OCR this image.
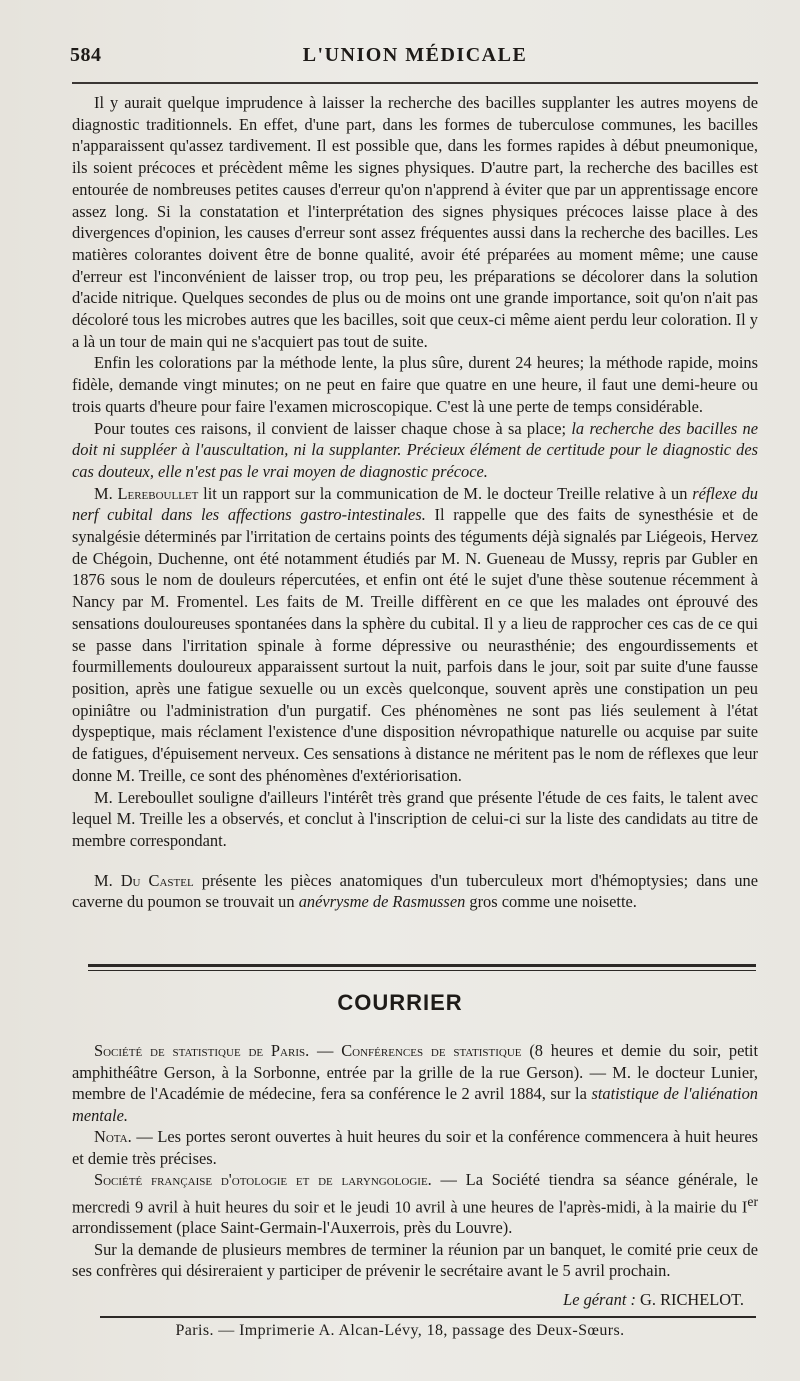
584	L'UNION MÉDICALE

Il y aurait quelque imprudence à laisser la recherche des bacilles supplanter les autres moyens de diagnostic traditionnels. En effet, d'une part, dans les formes de tuberculose communes, les bacilles n'apparaissent qu'assez tardivement. Il est possible que, dans les formes rapides à début pneumonique, ils soient précoces et précèdent même les signes physiques. D'autre part, la recherche des bacilles est entourée de nombreuses petites causes d'erreur qu'on n'apprend à éviter que par un apprentissage encore assez long. Si la constatation et l'interprétation des signes physiques précoces laisse place à des divergences d'opinion, les causes d'erreur sont assez fréquentes aussi dans la recherche des bacilles. Les matières colorantes doivent être de bonne qualité, avoir été préparées au moment même; une cause d'erreur est l'inconvénient de laisser trop, ou trop peu, les préparations se décolorer dans la solution d'acide nitrique. Quelques secondes de plus ou de moins ont une grande importance, soit qu'on n'ait pas décoloré tous les microbes autres que les bacilles, soit que ceux-ci même aient perdu leur coloration. Il y a là un tour de main qui ne s'acquiert pas tout de suite.

Enfin les colorations par la méthode lente, la plus sûre, durent 24 heures; la méthode rapide, moins fidèle, demande vingt minutes; on ne peut en faire que quatre en une heure, il faut une demi-heure ou trois quarts d'heure pour faire l'examen microscopique. C'est là une perte de temps considérable.

Pour toutes ces raisons, il convient de laisser chaque chose à sa place; la recherche des bacilles ne doit ni suppléer à l'auscultation, ni la supplanter. Précieux élément de certitude pour le diagnostic des cas douteux, elle n'est pas le vrai moyen de diagnostic précoce.

M. Lereboullet lit un rapport sur la communication de M. le docteur Treille relative à un réflexe du nerf cubital dans les affections gastro-intestinales. Il rappelle que des faits de synesthésie et de synalgésie déterminés par l'irritation de certains points des téguments déjà signalés par Liégeois, Hervez de Chégoin, Duchenne, ont été notamment étudiés par M. N. Gueneau de Mussy, repris par Gubler en 1876 sous le nom de douleurs répercutées, et enfin ont été le sujet d'une thèse soutenue récemment à Nancy par M. Fromentel. Les faits de M. Treille diffèrent en ce que les malades ont éprouvé des sensations douloureuses spontanées dans la sphère du cubital. Il y a lieu de rapprocher ces cas de ce qui se passe dans l'irritation spinale à forme dépressive ou neurasthénie; des engourdissements et fourmillements douloureux apparaissent surtout la nuit, parfois dans le jour, soit par suite d'une fausse position, après une fatigue sexuelle ou un excès quelconque, souvent après une constipation un peu opiniâtre ou l'administration d'un purgatif. Ces phénomènes ne sont pas liés seulement à l'état dyspeptique, mais réclament l'existence d'une disposition névropathique naturelle ou acquise par suite de fatigues, d'épuisement nerveux. Ces sensations à distance ne méritent pas le nom de réflexes que leur donne M. Treille, ce sont des phénomènes d'extériorisation.

M. Lereboullet souligne d'ailleurs l'intérêt très grand que présente l'étude de ces faits, le talent avec lequel M. Treille les a observés, et conclut à l'inscription de celui-ci sur la liste des candidats au titre de membre correspondant.

M. Du Castel présente les pièces anatomiques d'un tuberculeux mort d'hémoptysies; dans une caverne du poumon se trouvait un anévrysme de Rasmussen gros comme une noisette.

COURRIER

Société de statistique de Paris. — Conférences de statistique (8 heures et demie du soir, petit amphithéâtre Gerson, à la Sorbonne, entrée par la grille de la rue Gerson). — M. le docteur Lunier, membre de l'Académie de médecine, fera sa conférence le 2 avril 1884, sur la statistique de l'aliénation mentale.

Nota. — Les portes seront ouvertes à huit heures du soir et la conférence commencera à huit heures et demie très précises.

Société française d'otologie et de laryngologie. — La Société tiendra sa séance générale, le mercredi 9 avril à huit heures du soir et le jeudi 10 avril à une heures de l'après-midi, à la mairie du Ier arrondissement (place Saint-Germain-l'Auxerrois, près du Louvre).

Sur la demande de plusieurs membres de terminer la réunion par un banquet, le comité prie ceux de ses confrères qui désireraient y participer de prévenir le secrétaire avant le 5 avril prochain.

Le gérant : G. RICHELOT.
Paris. — Imprimerie A. Alcan-Lévy, 18, passage des Deux-Sœurs.
